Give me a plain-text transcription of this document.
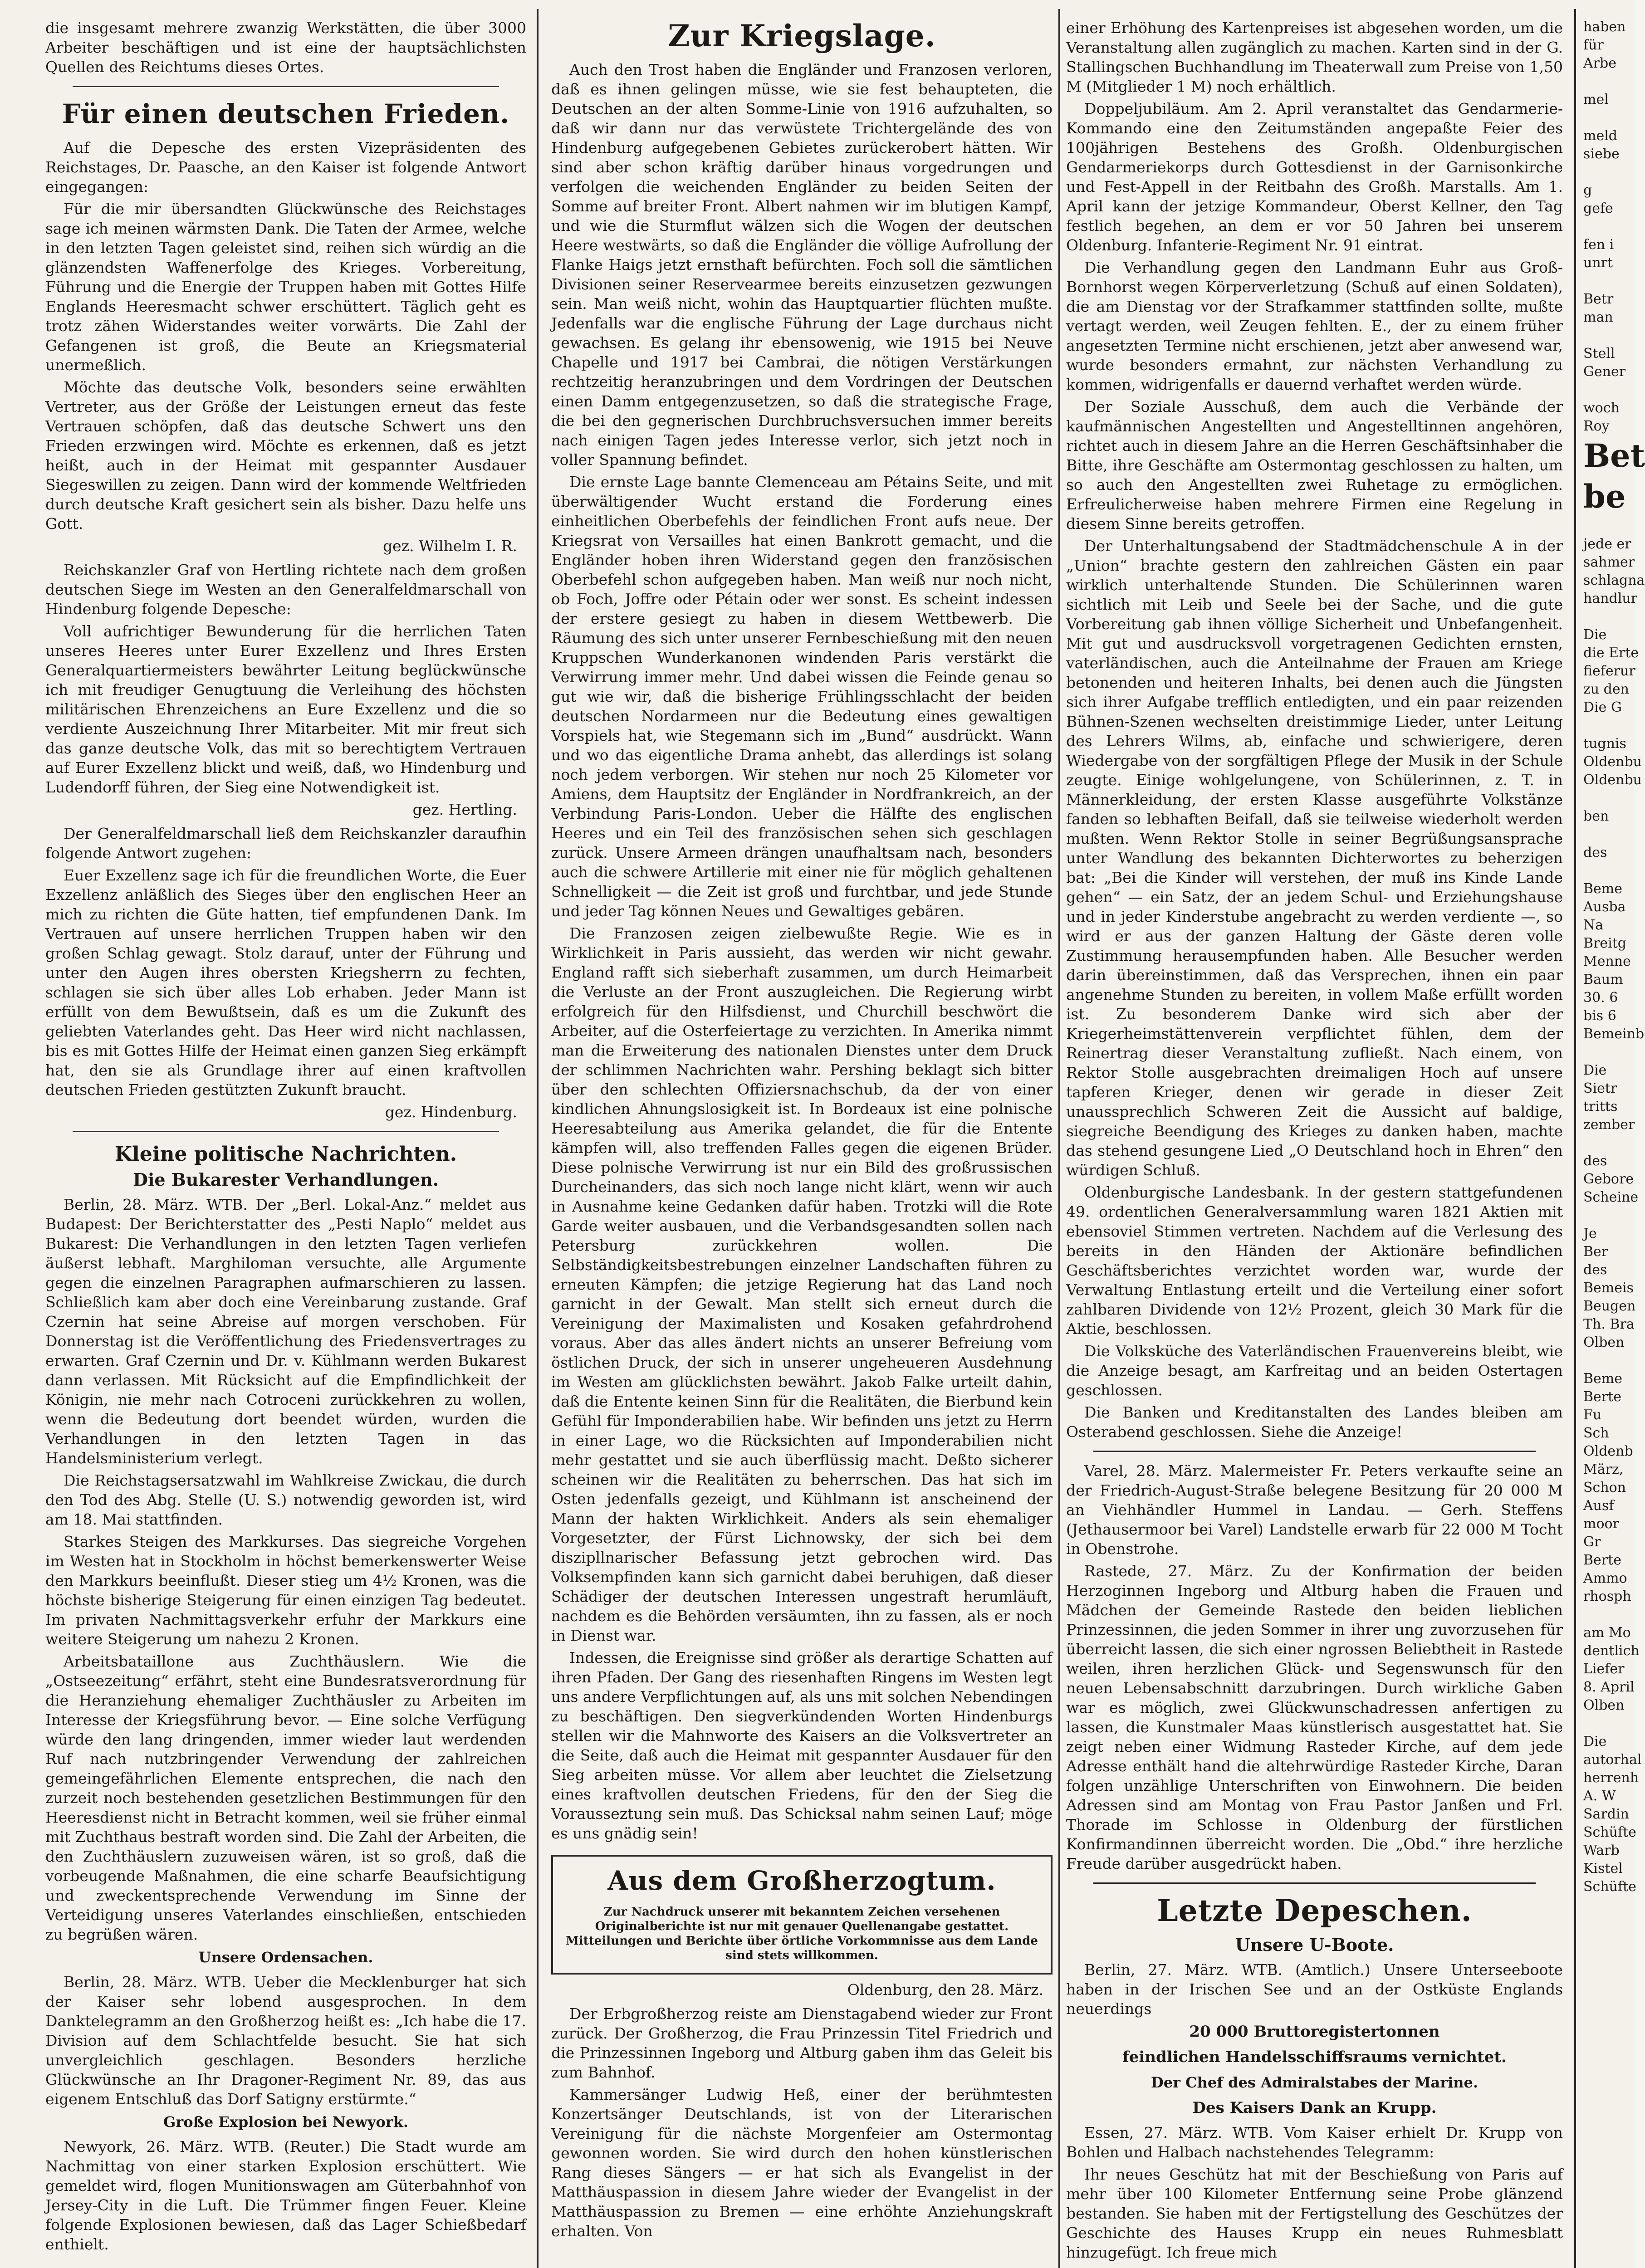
die insgesamt mehrere zwanzig Werkstätten, die über 3000 Arbeiter beschäftigen und ist eine der hauptsächlichsten Quellen des Reichtums dieses Ortes.

Für einen deutschen Frieden.

Auf die Depesche des ersten Vizepräsidenten des Reichstages, Dr. Paasche, an den Kaiser ist folgende Antwort eingegangen:

Für die mir übersandten Glückwünsche des Reichstages sage ich meinen wärmsten Dank. Die Taten der Armee, welche in den letzten Tagen geleistet sind, reihen sich würdig an die glänzendsten Waffenerfolge des Krieges. Vorbereitung, Führung und die Energie der Truppen haben mit Gottes Hilfe Englands Heeresmacht schwer erschüttert. Täglich geht es trotz zähen Widerstandes weiter vorwärts. Die Zahl der Gefangenen ist groß, die Beute an Kriegsmaterial unermeßlich.

Möchte das deutsche Volk, besonders seine erwählten Vertreter, aus der Größe der Leistungen erneut das feste Vertrauen schöpfen, daß das deutsche Schwert uns den Frieden erzwingen wird. Möchte es erkennen, daß es jetzt heißt, auch in der Heimat mit gespannter Ausdauer Siegeswillen zu zeigen. Dann wird der kommende Weltfrieden durch deutsche Kraft gesichert sein als bisher. Dazu helfe uns Gott.

gez. Wilhelm I. R.

Reichskanzler Graf von Hertling richtete nach dem großen deutschen Siege im Westen an den Generalfeldmarschall von Hindenburg folgende Depesche:

Voll aufrichtiger Bewunderung für die herrlichen Taten unseres Heeres unter Eurer Exzellenz und Ihres Ersten Generalquartiermeisters bewährter Leitung beglückwünsche ich mit freudiger Genugtuung die Verleihung des höchsten militärischen Ehrenzeichens an Eure Exzellenz und die so verdiente Auszeichnung Ihrer Mitarbeiter. Mit mir freut sich das ganze deutsche Volk, das mit so berechtigtem Vertrauen auf Eurer Exzellenz blickt und weiß, daß, wo Hindenburg und Ludendorff führen, der Sieg eine Notwendigkeit ist.

gez. Hertling.

Der Generalfeldmarschall ließ dem Reichskanzler daraufhin folgende Antwort zugehen:

Euer Exzellenz sage ich für die freundlichen Worte, die Euer Exzellenz anläßlich des Sieges über den englischen Heer an mich zu richten die Güte hatten, tief empfundenen Dank. Im Vertrauen auf unsere herrlichen Truppen haben wir den großen Schlag gewagt. Stolz darauf, unter der Führung und unter den Augen ihres obersten Kriegsherrn zu fechten, schlagen sie sich über alles Lob erhaben. Jeder Mann ist erfüllt von dem Bewußtsein, daß es um die Zukunft des geliebten Vaterlandes geht. Das Heer wird nicht nachlassen, bis es mit Gottes Hilfe der Heimat einen ganzen Sieg erkämpft hat, den sie als Grundlage ihrer auf einen kraftvollen deutschen Frieden gestützten Zukunft braucht.

gez. Hindenburg.
Kleine politische Nachrichten.
Die Bukarester Verhandlungen.

Berlin, 28. März. WTB. Der „Berl. Lokal-Anz.“ meldet aus Budapest: Der Berichterstatter des „Pesti Naplo“ meldet aus Bukarest: Die Verhandlungen in den letzten Tagen verliefen äußerst lebhaft. Marghiloman versuchte, alle Argumente gegen die einzelnen Paragraphen aufmarschieren zu lassen. Schließlich kam aber doch eine Vereinbarung zustande. Graf Czernin hat seine Abreise auf morgen verschoben. Für Donnerstag ist die Veröffentlichung des Friedensvertrages zu erwarten. Graf Czernin und Dr. v. Kühlmann werden Bukarest dann verlassen. Mit Rücksicht auf die Empfindlichkeit der Königin, nie mehr nach Cotroceni zurückkehren zu wollen, wenn die Bedeutung dort beendet würden, wurden die Verhandlungen in den letzten Tagen in das Handelsministerium verlegt.

Die Reichstagsersatzwahl im Wahlkreise Zwickau, die durch den Tod des Abg. Stelle (U. S.) notwendig geworden ist, wird am 18. Mai stattfinden.

Starkes Steigen des Markkurses. Das siegreiche Vorgehen im Westen hat in Stockholm in höchst bemerkenswerter Weise den Markkurs beeinflußt. Dieser stieg um 4½ Kronen, was die höchste bisherige Steigerung für einen einzigen Tag bedeutet. Im privaten Nachmittagsverkehr erfuhr der Markkurs eine weitere Steigerung um nahezu 2 Kronen.

Arbeitsbataillone aus Zuchthäuslern. Wie die „Ostseezeitung“ erfährt, steht eine Bundesratsverordnung für die Heranziehung ehemaliger Zuchthäusler zu Arbeiten im Interesse der Kriegsführung bevor. — Eine solche Verfügung würde den lang dringenden, immer wieder laut werdenden Ruf nach nutzbringender Verwendung der zahlreichen gemeingefährlichen Elemente entsprechen, die nach den zurzeit noch bestehenden gesetzlichen Bestimmungen für den Heeresdienst nicht in Betracht kommen, weil sie früher einmal mit Zuchthaus bestraft worden sind. Die Zahl der Arbeiten, die den Zuchthäuslern zuzuweisen wären, ist so groß, daß die vorbeugende Maßnahmen, die eine scharfe Beaufsichtigung und zweckentsprechende Verwendung im Sinne der Verteidigung unseres Vaterlandes einschließen, entschieden zu begrüßen wären.

Unsere Ordensachen.

Berlin, 28. März. WTB. Ueber die Mecklenburger hat sich der Kaiser sehr lobend ausgesprochen. In dem Danktelegramm an den Großherzog heißt es: „Ich habe die 17. Division auf dem Schlachtfelde besucht. Sie hat sich unvergleichlich geschlagen. Besonders herzliche Glückwünsche an Ihr Dragoner-Regiment Nr. 89, das aus eigenem Entschluß das Dorf Satigny erstürmte.“

Große Explosion bei Newyork.

Newyork, 26. März. WTB. (Reuter.) Die Stadt wurde am Nachmittag von einer starken Explosion erschüttert. Wie gemeldet wird, flogen Munitionswagen am Güterbahnhof von Jersey-City in die Luft. Die Trümmer fingen Feuer. Kleine folgende Explosionen bewiesen, daß das Lager Schießbedarf enthielt.

Zur Kriegslage.

Auch den Trost haben die Engländer und Franzosen verloren, daß es ihnen gelingen müsse, wie sie fest behaupteten, die Deutschen an der alten Somme-Linie von 1916 aufzuhalten, so daß wir dann nur das verwüstete Trichtergelände des von Hindenburg aufgegebenen Gebietes zurückerobert hätten. Wir sind aber schon kräftig darüber hinaus vorgedrungen und verfolgen die weichenden Engländer zu beiden Seiten der Somme auf breiter Front. Albert nahmen wir im blutigen Kampf, und wie die Sturmflut wälzen sich die Wogen der deutschen Heere westwärts, so daß die Engländer die völlige Aufrollung der Flanke Haigs jetzt ernsthaft befürchten. Foch soll die sämtlichen Divisionen seiner Reservearmee bereits einzusetzen gezwungen sein. Man weiß nicht, wohin das Hauptquartier flüchten mußte. Jedenfalls war die englische Führung der Lage durchaus nicht gewachsen. Es gelang ihr ebensowenig, wie 1915 bei Neuve Chapelle und 1917 bei Cambrai, die nötigen Verstärkungen rechtzeitig heranzubringen und dem Vordringen der Deutschen einen Damm entgegenzusetzen, so daß die strategische Frage, die bei den gegnerischen Durchbruchsversuchen immer bereits nach einigen Tagen jedes Interesse verlor, sich jetzt noch in voller Spannung befindet.

Die ernste Lage bannte Clemenceau am Pétains Seite, und mit überwältigender Wucht erstand die Forderung eines einheitlichen Oberbefehls der feindlichen Front aufs neue. Der Kriegsrat von Versailles hat einen Bankrott gemacht, und die Engländer hoben ihren Widerstand gegen den französischen Oberbefehl schon aufgegeben haben. Man weiß nur noch nicht, ob Foch, Joffre oder Pétain oder wer sonst. Es scheint indessen der erstere gesiegt zu haben in diesem Wettbewerb. Die Räumung des sich unter unserer Fernbeschießung mit den neuen Kruppschen Wunderkanonen windenden Paris verstärkt die Verwirrung immer mehr. Und dabei wissen die Feinde genau so gut wie wir, daß die bisherige Frühlingsschlacht der beiden deutschen Nordarmeen nur die Bedeutung eines gewaltigen Vorspiels hat, wie Stegemann sich im „Bund“ ausdrückt. Wann und wo das eigentliche Drama anhebt, das allerdings ist solang noch jedem verborgen. Wir stehen nur noch 25 Kilometer vor Amiens, dem Hauptsitz der Engländer in Nordfrankreich, an der Verbindung Paris-London. Ueber die Hälfte des englischen Heeres und ein Teil des französischen sehen sich geschlagen zurück. Unsere Armeen drängen unaufhaltsam nach, besonders auch die schwere Artillerie mit einer nie für möglich gehaltenen Schnelligkeit — die Zeit ist groß und furchtbar, und jede Stunde und jeder Tag können Neues und Gewaltiges gebären.

Die Franzosen zeigen zielbewußte Regie. Wie es in Wirklichkeit in Paris aussieht, das werden wir nicht gewahr. England rafft sich sieberhaft zusammen, um durch Heimarbeit die Verluste an der Front auszugleichen. Die Regierung wirbt erfolgreich für den Hilfsdienst, und Churchill beschwört die Arbeiter, auf die Osterfeiertage zu verzichten. In Amerika nimmt man die Erweiterung des nationalen Dienstes unter dem Druck der schlimmen Nachrichten wahr. Pershing beklagt sich bitter über den schlechten Offiziersnachschub, da der von einer kindlichen Ahnungslosigkeit ist. In Bordeaux ist eine polnische Heeresabteilung aus Amerika gelandet, die für die Entente kämpfen will, also treffenden Falles gegen die eigenen Brüder. Diese polnische Verwirrung ist nur ein Bild des großrussischen Durcheinanders, das sich noch lange nicht klärt, wenn wir auch in Ausnahme keine Gedanken dafür haben. Trotzki will die Rote Garde weiter ausbauen, und die Verbandsgesandten sollen nach Petersburg zurückkehren wollen. Die Selbständigkeitsbestrebungen einzelner Landschaften führen zu erneuten Kämpfen; die jetzige Regierung hat das Land noch garnicht in der Gewalt. Man stellt sich erneut durch die Vereinigung der Maximalisten und Kosaken gefahrdrohend voraus. Aber das alles ändert nichts an unserer Befreiung vom östlichen Druck, der sich in unserer ungeheueren Ausdehnung im Westen am glücklichsten bewährt. Jakob Falke urteilt dahin, daß die Entente keinen Sinn für die Realitäten, die Bierbund kein Gefühl für Imponderabilien habe. Wir befinden uns jetzt zu Herrn in einer Lage, wo die Rücksichten auf Imponderabilien nicht mehr gestattet und sie auch überflüssig macht. Deßto sicherer scheinen wir die Realitäten zu beherrschen. Das hat sich im Osten jedenfalls gezeigt, und Kühlmann ist anscheinend der Mann der hakten Wirklichkeit. Anders als sein ehemaliger Vorgesetzter, der Fürst Lichnowsky, der sich bei dem diszipllnarischer Befassung jetzt gebrochen wird. Das Volksempfinden kann sich garnicht dabei beruhigen, daß dieser Schädiger der deutschen Interessen ungestraft herumläuft, nachdem es die Behörden versäumten, ihn zu fassen, als er noch in Dienst war.

Indessen, die Ereignisse sind größer als derartige Schatten auf ihren Pfaden. Der Gang des riesenhaften Ringens im Westen legt uns andere Verpflichtungen auf, als uns mit solchen Nebendingen zu beschäftigen. Den siegverkündenden Worten Hindenburgs stellen wir die Mahnworte des Kaisers an die Volksvertreter an die Seite, daß auch die Heimat mit gespannter Ausdauer für den Sieg arbeiten müsse. Vor allem aber leuchtet die Zielsetzung eines kraftvollen deutschen Friedens, für den der Sieg die Vorausseztung sein muß. Das Schicksal nahm seinen Lauf; möge es uns gnädig sein!

Aus dem Großherzogtum.
Zur Nachdruck unserer mit bekanntem Zeichen versehenen Originalberichte ist nur mit genauer Quellenangabe gestattet. Mitteilungen und Berichte über örtliche Vorkommnisse aus dem Lande sind stets willkommen.
Oldenburg, den 28. März.

Der Erbgroßherzog reiste am Dienstagabend wieder zur Front zurück. Der Großherzog, die Frau Prinzessin Titel Friedrich und die Prinzessinnen Ingeborg und Altburg gaben ihm das Geleit bis zum Bahnhof.

Kammersänger Ludwig Heß, einer der berühmtesten Konzertsänger Deutschlands, ist von der Literarischen Vereinigung für die nächste Morgenfeier am Ostermontag gewonnen worden. Sie wird durch den hohen künstlerischen Rang dieses Sängers — er hat sich als Evangelist in der Matthäuspassion in diesem Jahre wieder der Evangelist in der Matthäuspassion zu Bremen — eine erhöhte Anziehungskraft erhalten. Von

einer Erhöhung des Kartenpreises ist abgesehen worden, um die Veranstaltung allen zugänglich zu machen. Karten sind in der G. Stallingschen Buchhandlung im Theaterwall zum Preise von 1,50 M (Mitglieder 1 M) noch erhältlich.

Doppeljubiläum. Am 2. April veranstaltet das Gendarmerie-Kommando eine den Zeitumständen angepaßte Feier des 100jährigen Bestehens des Großh. Oldenburgischen Gendarmeriekorps durch Gottesdienst in der Garnisonkirche und Fest-Appell in der Reitbahn des Großh. Marstalls. Am 1. April kann der jetzige Kommandeur, Oberst Kellner, den Tag festlich begehen, an dem er vor 50 Jahren bei unserem Oldenburg. Infanterie-Regiment Nr. 91 eintrat.

Die Verhandlung gegen den Landmann Euhr aus Groß-Bornhorst wegen Körperverletzung (Schuß auf einen Soldaten), die am Dienstag vor der Strafkammer stattfinden sollte, mußte vertagt werden, weil Zeugen fehlten. E., der zu einem früher angesetzten Termine nicht erschienen, jetzt aber anwesend war, wurde besonders ermahnt, zur nächsten Verhandlung zu kommen, widrigenfalls er dauernd verhaftet werden würde.

Der Soziale Ausschuß, dem auch die Verbände der kaufmännischen Angestellten und Angestelltinnen angehören, richtet auch in diesem Jahre an die Herren Geschäftsinhaber die Bitte, ihre Geschäfte am Ostermontag geschlossen zu halten, um so auch den Angestellten zwei Ruhetage zu ermöglichen. Erfreulicherweise haben mehrere Firmen eine Regelung in diesem Sinne bereits getroffen.

Der Unterhaltungsabend der Stadtmädchenschule A in der „Union“ brachte gestern den zahlreichen Gästen ein paar wirklich unterhaltende Stunden. Die Schülerinnen waren sichtlich mit Leib und Seele bei der Sache, und die gute Vorbereitung gab ihnen völlige Sicherheit und Unbefangenheit. Mit gut und ausdrucksvoll vorgetragenen Gedichten ernsten, vaterländischen, auch die Anteilnahme der Frauen am Kriege betonenden und heiteren Inhalts, bei denen auch die Jüngsten sich ihrer Aufgabe trefflich entledigten, und ein paar reizenden Bühnen-Szenen wechselten dreistimmige Lieder, unter Leitung des Lehrers Wilms, ab, einfache und schwierigere, deren Wiedergabe von der sorgfältigen Pflege der Musik in der Schule zeugte. Einige wohlgelungene, von Schülerinnen, z. T. in Männerkleidung, der ersten Klasse ausgeführte Volkstänze fanden so lebhaften Beifall, daß sie teilweise wiederholt werden mußten. Wenn Rektor Stolle in seiner Begrüßungsansprache unter Wandlung des bekannten Dichterwortes zu beherzigen bat: „Bei die Kinder will verstehen, der muß ins Kinde Lande gehen“ — ein Satz, der an jedem Schul- und Erziehungshause und in jeder Kinderstube angebracht zu werden verdiente —, so wird er aus der ganzen Haltung der Gäste deren volle Zustimmung herausempfunden haben. Alle Besucher werden darin übereinstimmen, daß das Versprechen, ihnen ein paar angenehme Stunden zu bereiten, in vollem Maße erfüllt worden ist. Zu besonderem Danke wird sich aber der Kriegerheimstättenverein verpflichtet fühlen, dem der Reinertrag dieser Veranstaltung zufließt. Nach einem, von Rektor Stolle ausgebrachten dreimaligen Hoch auf unsere tapferen Krieger, denen wir gerade in dieser Zeit unaussprechlich Schweren Zeit die Aussicht auf baldige, siegreiche Beendigung des Krieges zu danken haben, machte das stehend gesungene Lied „O Deutschland hoch in Ehren“ den würdigen Schluß.

Oldenburgische Landesbank. In der gestern stattgefundenen 49. ordentlichen Generalversammlung waren 1821 Aktien mit ebensoviel Stimmen vertreten. Nachdem auf die Verlesung des bereits in den Händen der Aktionäre befindlichen Geschäftsberichtes verzichtet worden war, wurde der Verwaltung Entlastung erteilt und die Verteilung einer sofort zahlbaren Dividende von 12½ Prozent, gleich 30 Mark für die Aktie, beschlossen.

Die Volksküche des Vaterländischen Frauenvereins bleibt, wie die Anzeige besagt, am Karfreitag und an beiden Ostertagen geschlossen.

Die Banken und Kreditanstalten des Landes bleiben am Osterabend geschlossen. Siehe die Anzeige!

Varel, 28. März. Malermeister Fr. Peters verkaufte seine an der Friedrich-August-Straße belegene Besitzung für 20 000 M an Viehhändler Hummel in Landau. — Gerh. Steffens (Jethausermoor bei Varel) Landstelle erwarb für 22 000 M Tocht in Obenstrohe.

Rastede, 27. März. Zu der Konfirmation der beiden Herzoginnen Ingeborg und Altburg haben die Frauen und Mädchen der Gemeinde Rastede den beiden lieblichen Prinzessinnen, die jeden Sommer in ihrer ung zuvorzusehen für überreicht lassen, die sich einer ngrossen Beliebtheit in Rastede weilen, ihren herzlichen Glück- und Segenswunsch für den neuen Lebensabschnitt darzubringen. Durch wirkliche Gaben war es möglich, zwei Glückwunschadressen anfertigen zu lassen, die Kunstmaler Maas künstlerisch ausgestattet hat. Sie zeigt neben einer Widmung Rasteder Kirche, auf dem jede Adresse enthält hand die altehrwürdige Rasteder Kirche, Daran folgen unzählige Unterschriften von Einwohnern. Die beiden Adressen sind am Montag von Frau Pastor Janßen und Frl. Thorade im Schlosse in Oldenburg der fürstlichen Konfirmandinnen überreicht worden. Die „Obd.“ ihre herzliche Freude darüber ausgedrückt haben.

Letzte Depeschen.
Unsere U-Boote.

Berlin, 27. März. WTB. (Amtlich.) Unsere Unterseeboote haben in der Irischen See und an der Ostküste Englands neuerdings

20 000 Bruttoregistertonnen
feindlichen Handelsschiffsraums vernichtet.
Der Chef des Admiralstabes der Marine.
Des Kaisers Dank an Krupp.

Essen, 27. März. WTB. Vom Kaiser erhielt Dr. Krupp von Bohlen und Halbach nachstehendes Telegramm:

Ihr neues Geschütz hat mit der Beschießung von Paris auf mehr über 100 Kilometer Entfernung seine Probe glänzend bestanden. Sie haben mit der Fertigstellung des Geschützes der Geschichte des Hauses Krupp ein neues Ruhmesblatt hinzugefügt. Ich freue mich

haben
für
Arbe

mel

meld
siebe

g
gefe

fen i
unrt

Betr
man

Stell
Gener

woch
Roy
Bet
be

jede er
sahmer
schlagna
handlur

Die
die Erte
fieferur
zu den
Die G

tugnis
Oldenbu
Oldenbu

ben

des

Beme
Ausba
Na
Breitg
Menne
Baum
30. 6
bis 6
Bemeinb

Die
Sietr
tritts
zember

des
Gebore
Scheine

Je
Ber
des
Bemeis
Beugen
Th. Bra
Olben

Beme
Berte
Fu
Sch
Oldenb
März,
Schon
Ausf
moor
Gr
Berte
Ammo
rhosph

am Mo
dentlich
Liefer
8. April
Olben

Die
autorhal
herrenh
A. W
Sardin
Schüfte
Warb
Kistel
Schüfte
